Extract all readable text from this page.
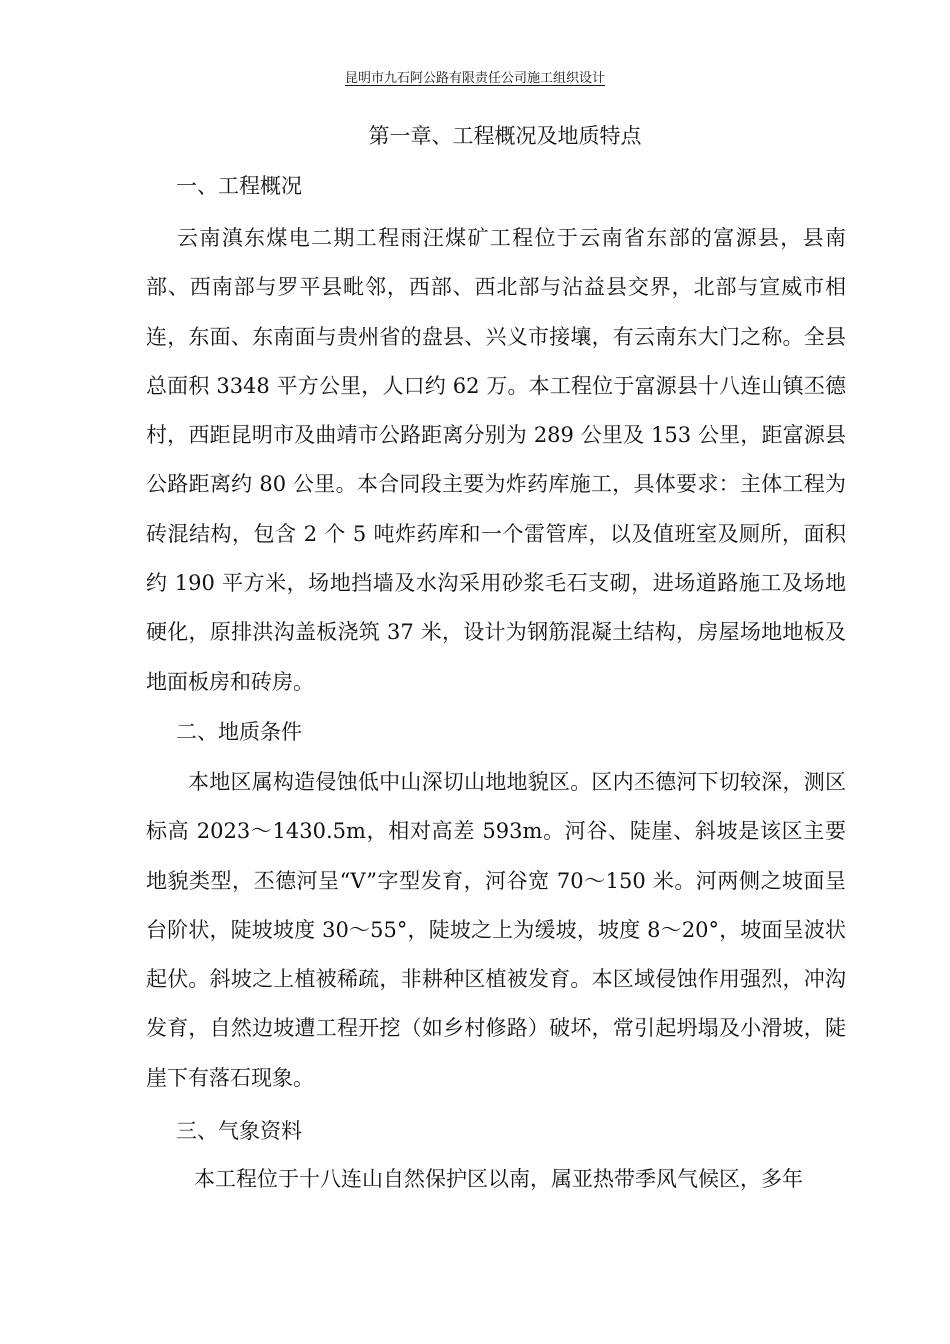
昆明市九石阿公路有限责任公司施工组织设计
第一章、工程概况及地质特点
一、工程概况

云南滇东煤电二期工程雨汪煤矿工程位于云南省东部的富源县，县南部、西南部与罗平县毗邻，西部、西北部与沾益县交界，北部与宣威市相连，东面、东南面与贵州省的盘县、兴义市接壤，有云南东大门之称。全县总面积 3348 平方公里，人口约 62 万。本工程位于富源县十八连山镇丕德村，西距昆明市及曲靖市公路距离分别为 289 公里及 153 公里，距富源县公路距离约 80 公里。本合同段主要为炸药库施工，具体要求：主体工程为砖混结构，包含 2 个 5 吨炸药库和一个雷管库，以及值班室及厕所，面积约 190 平方米，场地挡墙及水沟采用砂浆毛石支砌，进场道路施工及场地硬化，原排洪沟盖板浇筑 37 米，设计为钢筋混凝土结构，房屋场地地板及地面板房和砖房。

二、地质条件

本地区属构造侵蚀低中山深切山地地貌区。区内丕德河下切较深，测区标高 2023～1430.5m，相对高差 593m。河谷、陡崖、斜坡是该区主要地貌类型，丕德河呈“V”字型发育，河谷宽 70～150 米。河两侧之坡面呈台阶状，陡坡坡度 30～55°，陡坡之上为缓坡，坡度 8～20°，坡面呈波状起伏。斜坡之上植被稀疏，非耕种区植被发育。本区域侵蚀作用强烈，冲沟发育，自然边坡遭工程开挖（如乡村修路）破坏，常引起坍塌及小滑坡，陡崖下有落石现象。

三、气象资料

本工程位于十八连山自然保护区以南，属亚热带季风气候区，多年
